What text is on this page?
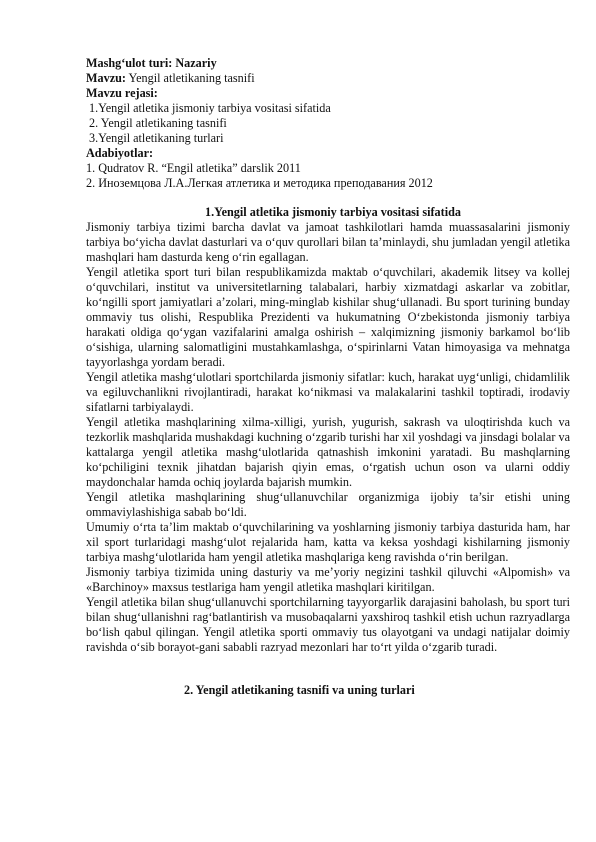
Mashg‘ulot turi: Nazariy
Mavzu: Yengil atletikaning tasnifi
Mavzu rejasi:
1.Yengil atletika jismoniy tarbiya vositasi sifatida
2. Yengil atletikaning tasnifi
3.Yengil atletikaning turlari
Adabiyotlar:
1. Qudratov R. “Engil atletika” darslik 2011
2. Иноземцова Л.А.Легкая атлетика и методика преподавания 2012
1.Yengil atletika jismoniy tarbiya vositasi sifatida
Jismoniy tarbiya tizimi barcha davlat va jamoat tashkilotlari hamda muassasalarini jismoniy tarbiya bo‘yicha davlat dasturlari va o‘quv qurollari bilan ta’minlaydi, shu jumladan yengil atletika mashqlari ham dasturda keng o‘rin egallagan.
Yengil atletika sport turi bilan respublikamizda maktab o‘quvchilari, akademik litsey va kollej o‘quvchilari, institut va universitetlarning talabalari, harbiy xizmatdagi askarlar va zobitlar, ko‘ngilli sport jamiyatlari a’zolari, ming-minglab kishilar shug‘ullanadi. Bu sport turining bunday ommaviy tus olishi, Respublika Prezidenti va hukumatning O‘zbekistonda jismoniy tarbiya harakati oldiga qo‘ygan vazifalarini amalga oshirish – xalqimizning jismoniy barkamol bo‘lib o‘sishiga, ularning salomatligini mustahkamlashga, o‘spirinlarni Vatan himoyasiga va mehnatga tayyorlashga yordam beradi.
Yengil atletika mashg‘ulotlari sportchilarda jismoniy sifatlar: kuch, harakat uyg‘unligi, chidamlilik va egiluvchanlikni rivojlantiradi, harakat ko‘nikmasi va malakalarini tashkil toptiradi, irodaviy sifatlarni tarbiyalaydi.
Yengil atletika mashqlarining xilma-xilligi, yurish, yugurish, sakrash va uloqtirishda kuch va tezkorlik mashqlarida mushakdagi kuchning o‘zgarib turishi har xil yoshdagi va jinsdagi bolalar va kattalarga yengil atletika mashg‘ulotlarida qatnashish imkonini yaratadi. Bu mashqlarning ko‘pchiligini texnik jihatdan bajarish qiyin emas, o‘rgatish uchun oson va ularni oddiy maydonchalar hamda ochiq joylarda bajarish mumkin.
Yengil atletika mashqlarining shug‘ullanuvchilar organizmiga ijobiy ta’sir etishi uning ommaviylashishiga sabab bo‘ldi.
Umumiy o‘rta ta’lim maktab o‘quvchilarining va yoshlarning jismoniy tarbiya dasturida ham, har xil sport turlaridagi mashg‘ulot rejalarida ham, katta va keksa yoshdagi kishilarning jismoniy tarbiya mashg‘ulotlarida ham yengil atletika mashqlariga keng ravishda o‘rin berilgan.
Jismoniy tarbiya tizimida uning dasturiy va me’yoriy negizini tashkil qiluvchi «Alpomish» va «Barchinoy» maxsus testlariga ham yengil atletika mashqlari kiritilgan.
Yengil atletika bilan shug‘ullanuvchi sportchilarning tayyorgarlik darajasini baholash, bu sport turi bilan shug‘ullanishni rag‘batlantirish va musobaqalarni yaxshiroq tashkil etish uchun razryadlarga bo‘lish qabul qilingan. Yengil atletika sporti ommaviy tus olayotgani va undagi natijalar doimiy ravishda o‘sib borayot-gani sababli razryad mezonlari har to‘rt yilda o‘zgarib turadi.
2. Yengil atletikaning tasnifi va uning turlari
